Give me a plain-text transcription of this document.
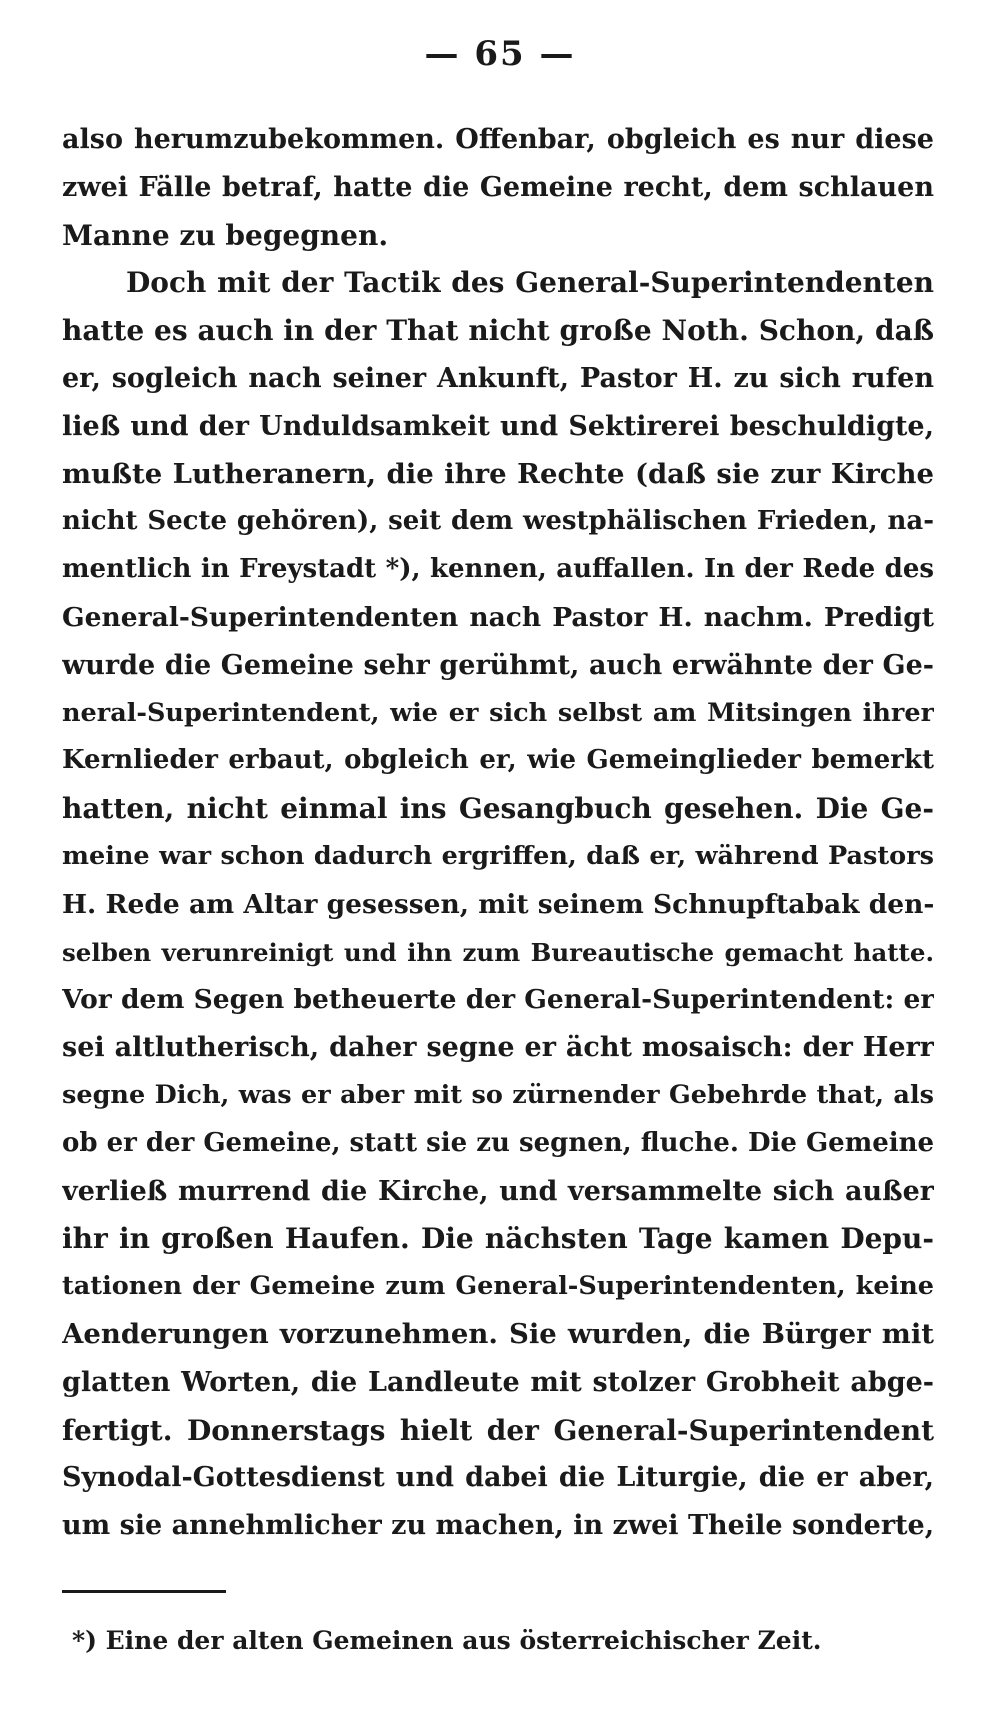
— 65 —
also herumzubekommen. Offenbar, obgleich es nur diese
zwei Fälle betraf, hatte die Gemeine recht, dem schlauen
Manne zu begegnen.
Doch mit der Tactik des General-Superintendenten
hatte es auch in der That nicht große Noth. Schon, daß
er, sogleich nach seiner Ankunft, Pastor H. zu sich rufen
ließ und der Unduldsamkeit und Sektirerei beschuldigte,
mußte Lutheranern, die ihre Rechte (daß sie zur Kirche
nicht Secte gehören), seit dem westphälischen Frieden, na-
mentlich in Freystadt *), kennen, auffallen. In der Rede des
General-Superintendenten nach Pastor H. nachm. Predigt
wurde die Gemeine sehr gerühmt, auch erwähnte der Ge-
neral-Superintendent, wie er sich selbst am Mitsingen ihrer
Kernlieder erbaut, obgleich er, wie Gemeinglieder bemerkt
hatten, nicht einmal ins Gesangbuch gesehen. Die Ge-
meine war schon dadurch ergriffen, daß er, während Pastors
H. Rede am Altar gesessen, mit seinem Schnupftabak den-
selben verunreinigt und ihn zum Bureautische gemacht hatte.
Vor dem Segen betheuerte der General-Superintendent: er
sei altlutherisch, daher segne er ächt mosaisch: der Herr
segne Dich, was er aber mit so zürnender Gebehrde that, als
ob er der Gemeine, statt sie zu segnen, fluche. Die Gemeine
verließ murrend die Kirche, und versammelte sich außer
ihr in großen Haufen. Die nächsten Tage kamen Depu-
tationen der Gemeine zum General-Superintendenten, keine
Aenderungen vorzunehmen. Sie wurden, die Bürger mit
glatten Worten, die Landleute mit stolzer Grobheit abge-
fertigt. Donnerstags hielt der General-Superintendent
Synodal-Gottesdienst und dabei die Liturgie, die er aber,
um sie annehmlicher zu machen, in zwei Theile sonderte,
*) Eine der alten Gemeinen aus österreichischer Zeit.
